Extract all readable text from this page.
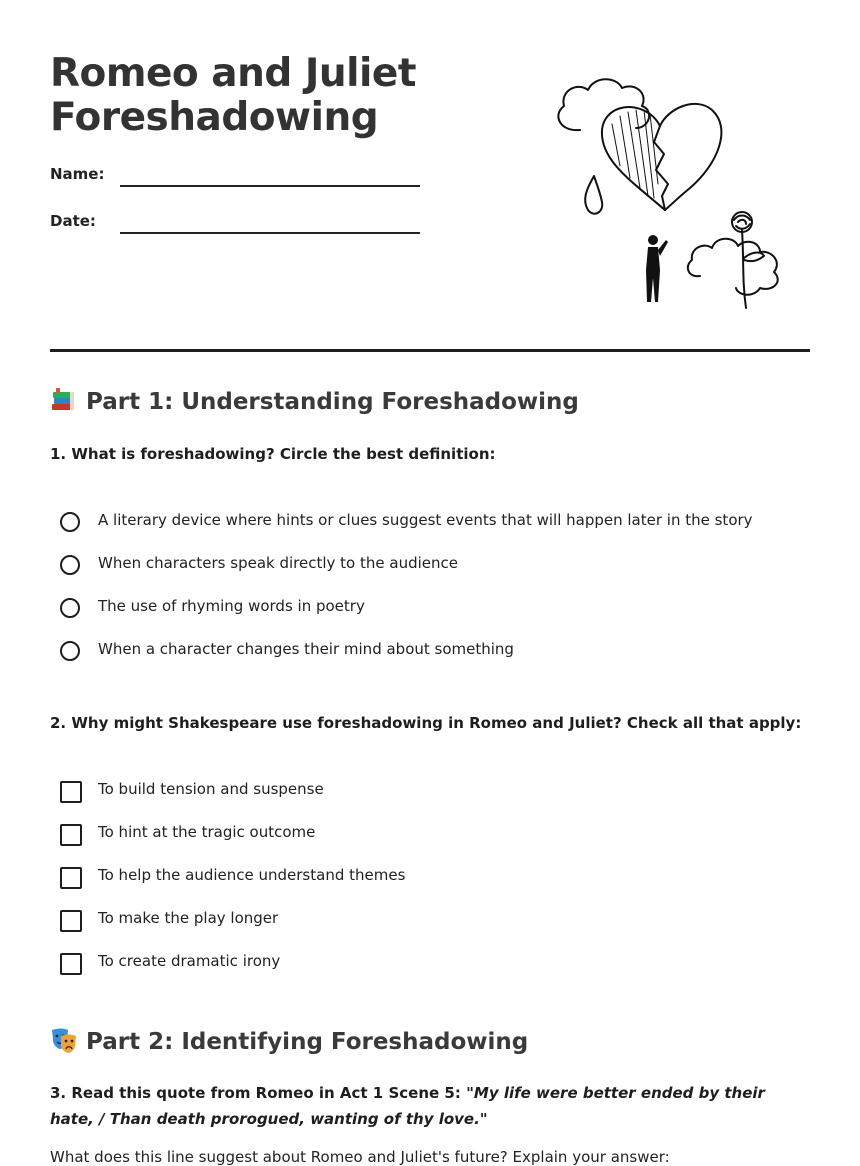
Romeo and Juliet Foreshadowing
Name:
Date:
Part 1: Understanding Foreshadowing
1. What is foreshadowing? Circle the best definition:
A literary device where hints or clues suggest events that will happen later in the story
When characters speak directly to the audience
The use of rhyming words in poetry
When a character changes their mind about something
2. Why might Shakespeare use foreshadowing in Romeo and Juliet? Check all that apply:
To build tension and suspense
To hint at the tragic outcome
To help the audience understand themes
To make the play longer
To create dramatic irony
Part 2: Identifying Foreshadowing
3. Read this quote from Romeo in Act 1 Scene 5: "My life were better ended by their hate, / Than death prorogued, wanting of thy love."
What does this line suggest about Romeo and Juliet's future? Explain your answer:
